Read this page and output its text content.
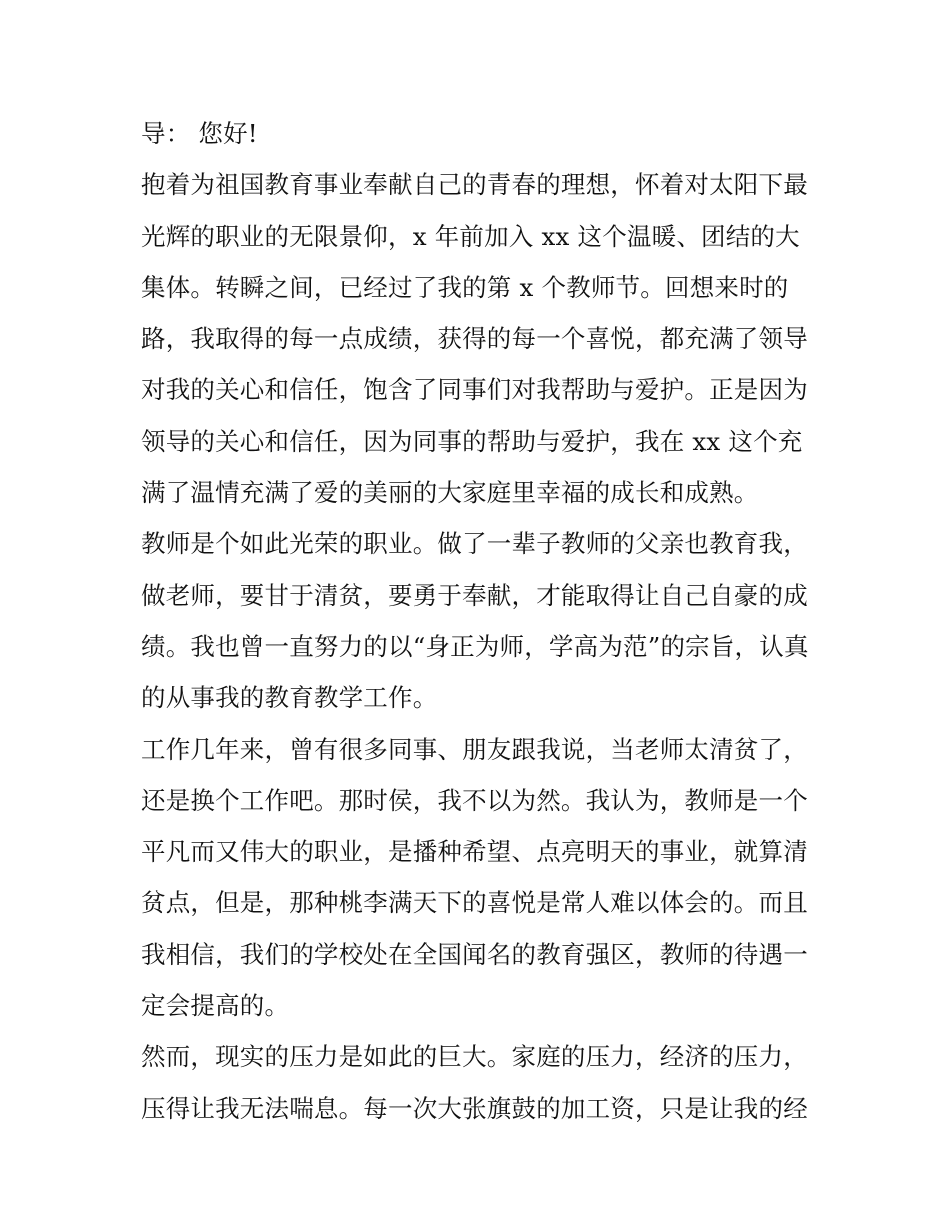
导： 您好!
抱着为祖国教育事业奉献自己的青春的理想，怀着对太阳下最
光辉的职业的无限景仰，x 年前加入 xx 这个温暖、团结的大
集体。转瞬之间，已经过了我的第 x 个教师节。回想来时的
路，我取得的每一点成绩，获得的每一个喜悦，都充满了领导
对我的关心和信任，饱含了同事们对我帮助与爱护。正是因为
领导的关心和信任，因为同事的帮助与爱护，我在 xx 这个充
满了温情充满了爱的美丽的大家庭里幸福的成长和成熟。
教师是个如此光荣的职业。做了一辈子教师的父亲也教育我，
做老师，要甘于清贫，要勇于奉献，才能取得让自己自豪的成
绩。我也曾一直努力的以“身正为师，学高为范”的宗旨，认真
的从事我的教育教学工作。
工作几年来，曾有很多同事、朋友跟我说，当老师太清贫了，
还是换个工作吧。那时侯，我不以为然。我认为，教师是一个
平凡而又伟大的职业，是播种希望、点亮明天的事业，就算清
贫点，但是，那种桃李满天下的喜悦是常人难以体会的。而且
我相信，我们的学校处在全国闻名的教育强区，教师的待遇一
定会提高的。
然而，现实的压力是如此的巨大。家庭的压力，经济的压力，
压得让我无法喘息。每一次大张旗鼓的加工资，只是让我的经
